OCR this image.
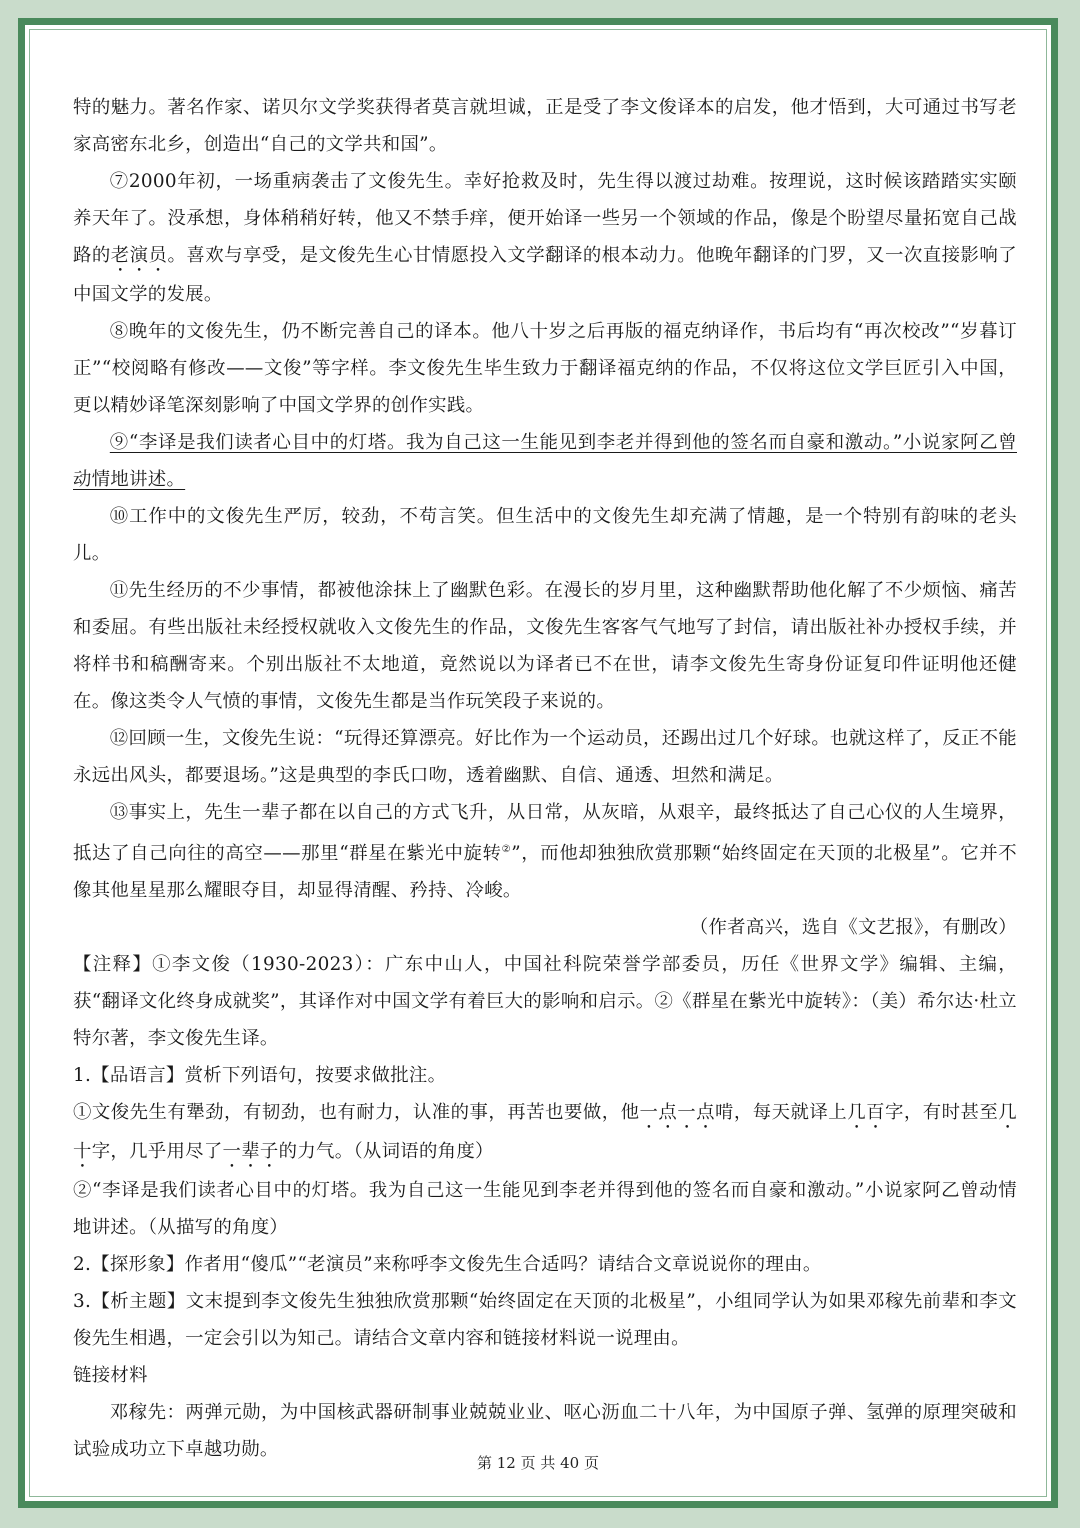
特的魅力。著名作家、诺贝尔文学奖获得者莫言就坦诚，正是受了李文俊译本的启发，他才悟到，大可通过书写老家高密东北乡，创造出“自己的文学共和国”。

⑦2000年初，一场重病袭击了文俊先生。幸好抢救及时，先生得以渡过劫难。按理说，这时候该踏踏实实颐养天年了。没承想，身体稍稍好转，他又不禁手痒，便开始译一些另一个领域的作品，像是个盼望尽量拓宽自己战路的老演员。喜欢与享受，是文俊先生心甘情愿投入文学翻译的根本动力。他晚年翻译的门罗，又一次直接影响了中国文学的发展。

⑧晚年的文俊先生，仍不断完善自己的译本。他八十岁之后再版的福克纳译作，书后均有“再次校改”“岁暮订正”“校阅略有修改——文俊”等字样。李文俊先生毕生致力于翻译福克纳的作品，不仅将这位文学巨匠引入中国，更以精妙译笔深刻影响了中国文学界的创作实践。

⑨“李译是我们读者心目中的灯塔。我为自己这一生能见到李老并得到他的签名而自豪和激动。”小说家阿乙曾动情地讲述。

⑩工作中的文俊先生严厉，较劲，不苟言笑。但生活中的文俊先生却充满了情趣，是一个特别有韵味的老头儿。

⑪先生经历的不少事情，都被他涂抹上了幽默色彩。在漫长的岁月里，这种幽默帮助他化解了不少烦恼、痛苦和委屈。有些出版社未经授权就收入文俊先生的作品，文俊先生客客气气地写了封信，请出版社补办授权手续，并将样书和稿酬寄来。个别出版社不太地道，竟然说以为译者已不在世，请李文俊先生寄身份证复印件证明他还健在。像这类令人气愤的事情，文俊先生都是当作玩笑段子来说的。

⑫回顾一生，文俊先生说：“玩得还算漂亮。好比作为一个运动员，还踢出过几个好球。也就这样了，反正不能永远出风头，都要退场。”这是典型的李氏口吻，透着幽默、自信、通透、坦然和满足。

⑬事实上，先生一辈子都在以自己的方式飞升，从日常，从灰暗，从艰辛，最终抵达了自己心仪的人生境界，抵达了自己向往的高空——那里“群星在紫光中旋转②”，而他却独独欣赏那颗“始终固定在天顶的北极星”。它并不像其他星星那么耀眼夺目，却显得清醒、矜持、冷峻。

（作者高兴，选自《文艺报》，有删改）

【注释】①李文俊（1930-2023）：广东中山人，中国社科院荣誉学部委员，历任《世界文学》编辑、主编，获“翻译文化终身成就奖”，其译作对中国文学有着巨大的影响和启示。②《群星在紫光中旋转》：（美）希尔达·杜立特尔著，李文俊先生译。

1.【品语言】赏析下列语句，按要求做批注。

①文俊先生有犟劲，有韧劲，也有耐力，认准的事，再苦也要做，他一点一点啃，每天就译上几百字，有时甚至几十字，几乎用尽了一辈子的力气。（从词语的角度）

②“李译是我们读者心目中的灯塔。我为自己这一生能见到李老并得到他的签名而自豪和激动。”小说家阿乙曾动情地讲述。（从描写的角度）

2.【探形象】作者用“傻瓜”“老演员”来称呼李文俊先生合适吗？请结合文章说说你的理由。

3.【析主题】文末提到李文俊先生独独欣赏那颗“始终固定在天顶的北极星”，小组同学认为如果邓稼先前辈和李文俊先生相遇，一定会引以为知己。请结合文章内容和链接材料说一说理由。

链接材料

邓稼先：两弹元勋，为中国核武器研制事业兢兢业业、呕心沥血二十八年，为中国原子弹、氢弹的原理突破和试验成功立下卓越功勋。

第 12 页 共 40 页
